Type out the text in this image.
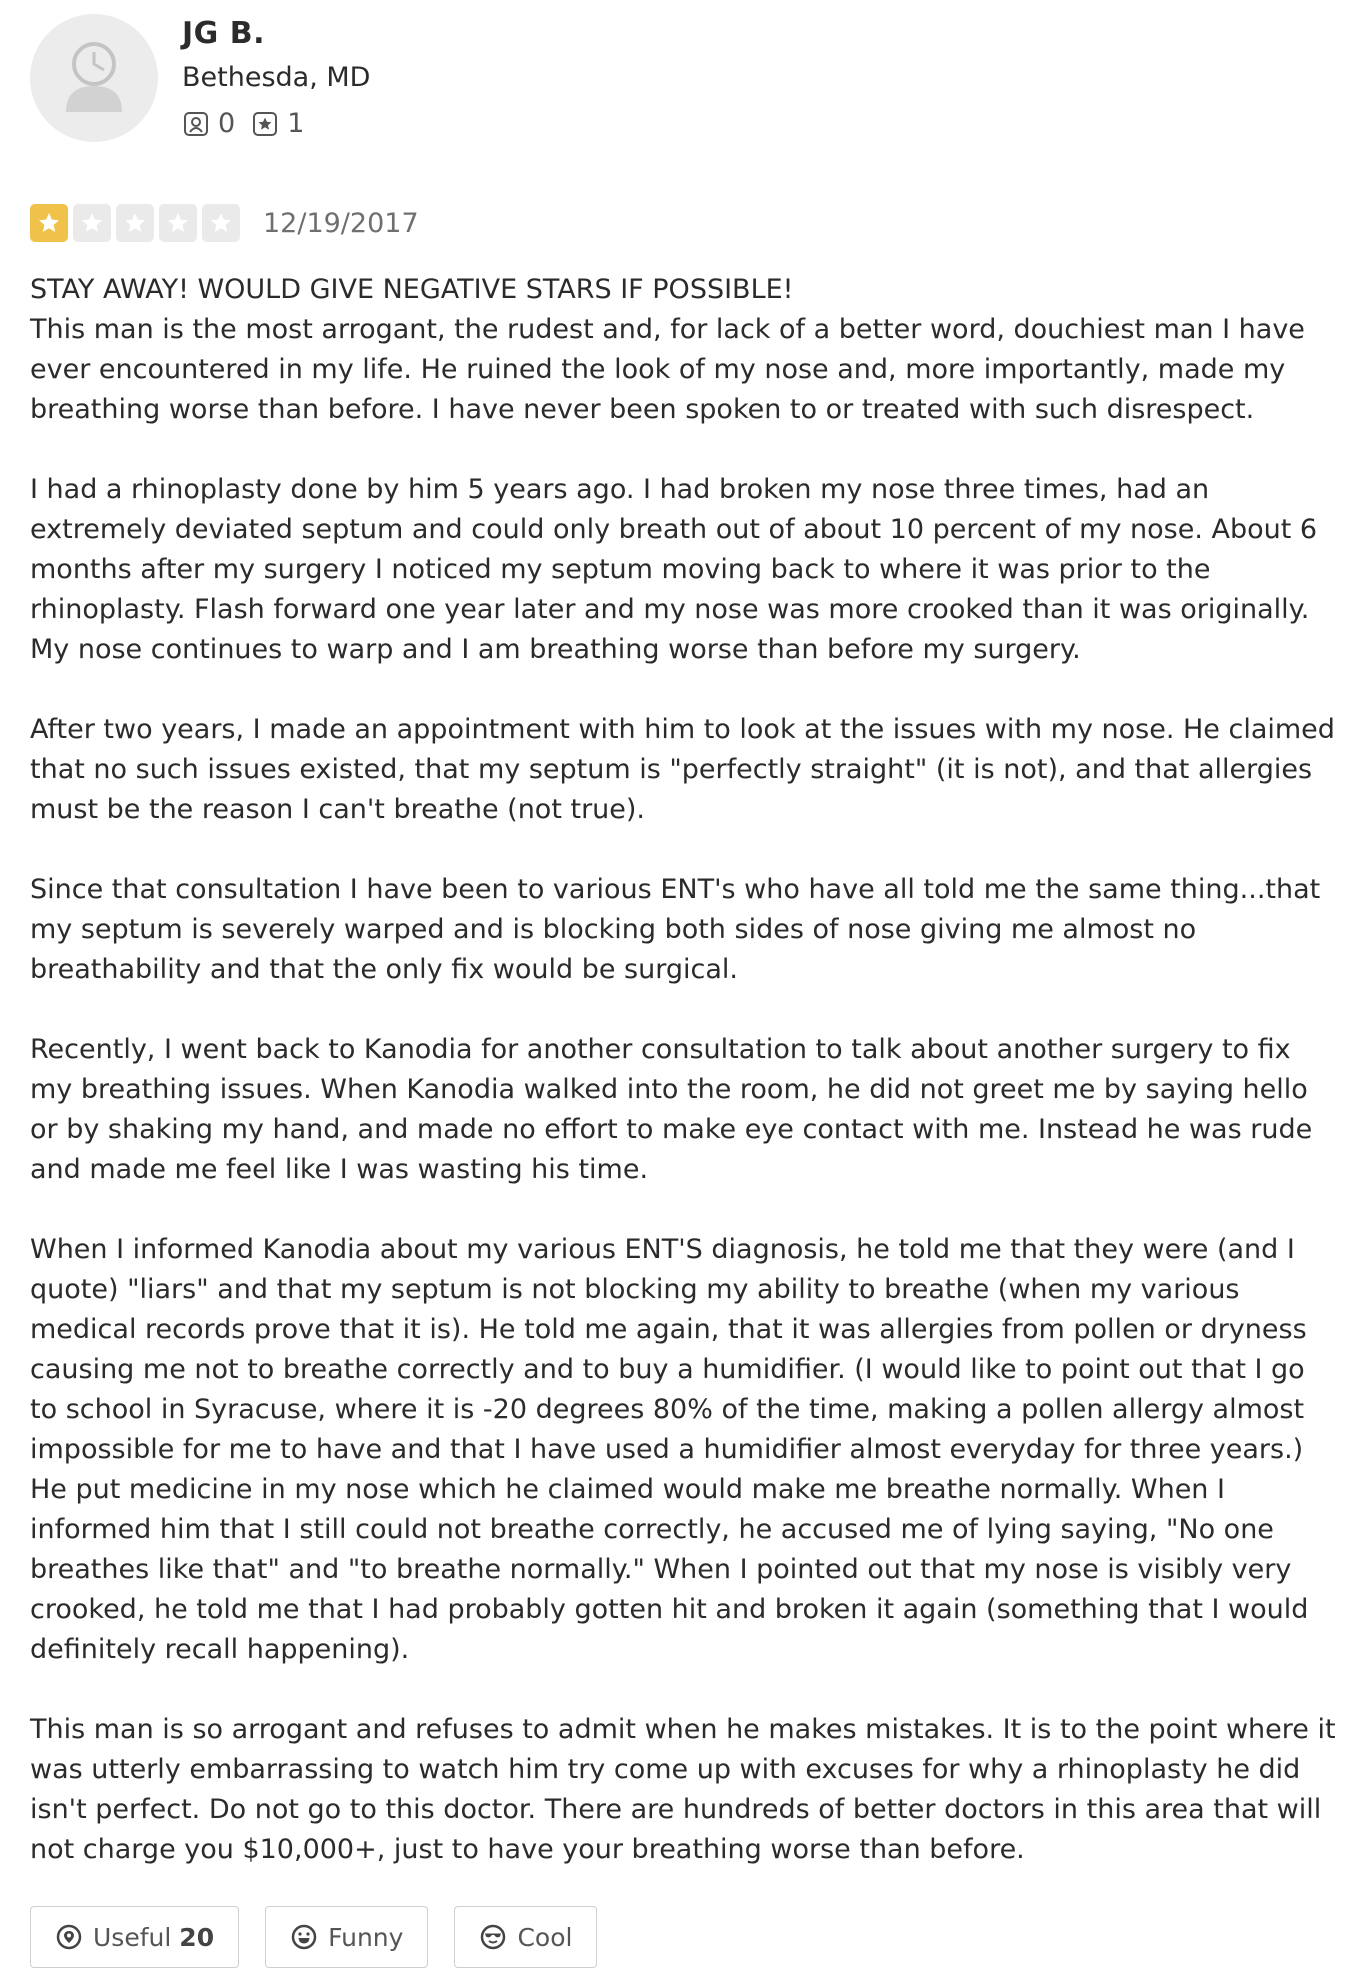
JG B.
Bethesda, MD
0 1
12/19/2017

STAY AWAY! WOULD GIVE NEGATIVE STARS IF POSSIBLE!
This man is the most arrogant, the rudest and, for lack of a better word, douchiest man I have ever encountered in my life. He ruined the look of my nose and, more importantly, made my breathing worse than before. I have never been spoken to or treated with such disrespect.

I had a rhinoplasty done by him 5 years ago. I had broken my nose three times, had an extremely deviated septum and could only breath out of about 10 percent of my nose. About 6 months after my surgery I noticed my septum moving back to where it was prior to the rhinoplasty. Flash forward one year later and my nose was more crooked than it was originally. My nose continues to warp and I am breathing worse than before my surgery.

After two years, I made an appointment with him to look at the issues with my nose. He claimed that no such issues existed, that my septum is "perfectly straight" (it is not), and that allergies must be the reason I can't breathe (not true).

Since that consultation I have been to various ENT's who have all told me the same thing...that my septum is severely warped and is blocking both sides of nose giving me almost no breathability and that the only fix would be surgical.

Recently, I went back to Kanodia for another consultation to talk about another surgery to fix my breathing issues. When Kanodia walked into the room, he did not greet me by saying hello or by shaking my hand, and made no effort to make eye contact with me. Instead he was rude and made me feel like I was wasting his time.

When I informed Kanodia about my various ENT'S diagnosis, he told me that they were (and I quote) "liars" and that my septum is not blocking my ability to breathe (when my various medical records prove that it is). He told me again, that it was allergies from pollen or dryness causing me not to breathe correctly and to buy a humidifier. (I would like to point out that I go to school in Syracuse, where it is -20 degrees 80% of the time, making a pollen allergy almost impossible for me to have and that I have used a humidifier almost everyday for three years.) He put medicine in my nose which he claimed would make me breathe normally. When I informed him that I still could not breathe correctly, he accused me of lying saying, "No one breathes like that" and "to breathe normally." When I pointed out that my nose is visibly very crooked, he told me that I had probably gotten hit and broken it again (something that I would definitely recall happening).

This man is so arrogant and refuses to admit when he makes mistakes. It is to the point where it was utterly embarrassing to watch him try come up with excuses for why a rhinoplasty he did isn't perfect. Do not go to this doctor. There are hundreds of better doctors in this area that will not charge you $10,000+, just to have your breathing worse than before.

Useful 20	Funny	Cool
